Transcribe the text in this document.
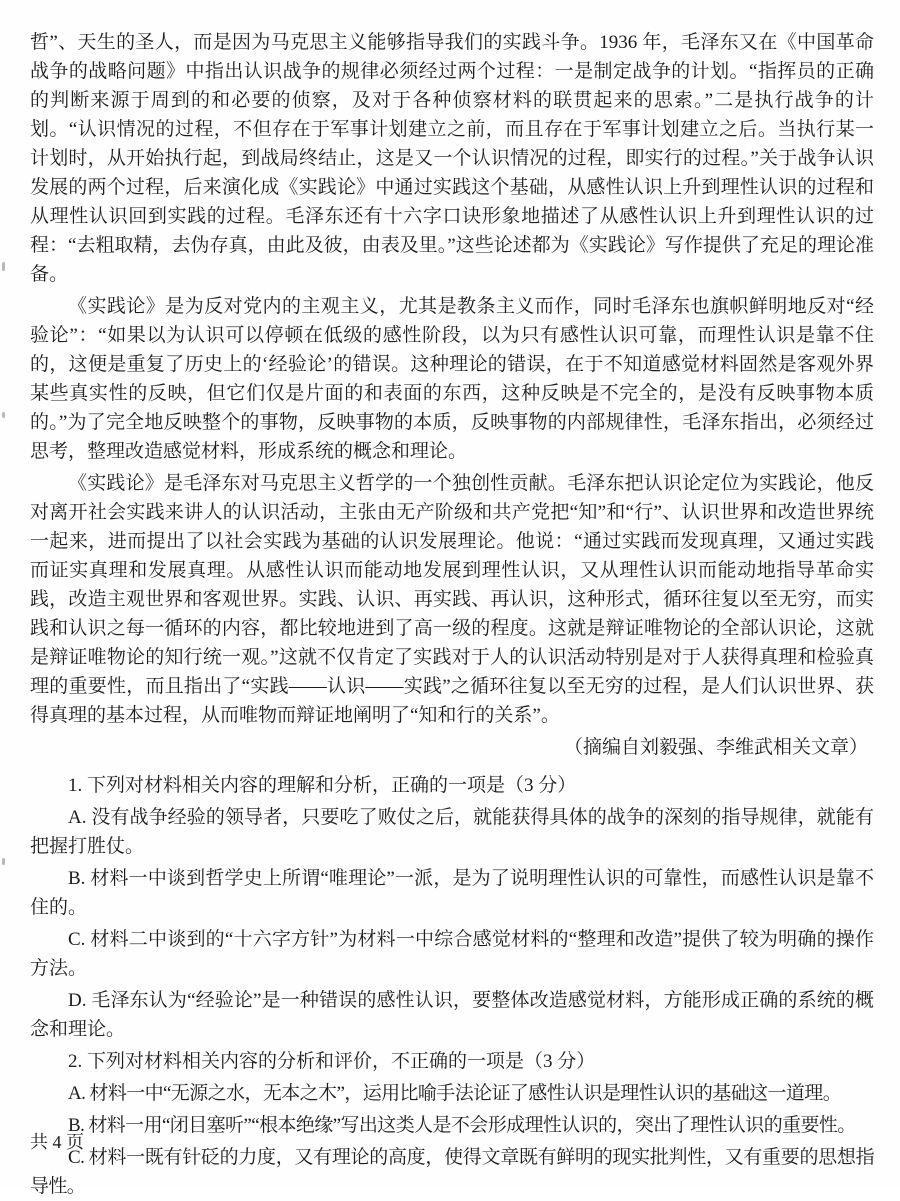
哲”、天生的圣人，而是因为马克思主义能够指导我们的实践斗争。1936 年，毛泽东又在《中国革命战争的战略问题》中指出认识战争的规律必须经过两个过程：一是制定战争的计划。“指挥员的正确的判断来源于周到的和必要的侦察，及对于各种侦察材料的联贯起来的思索。”二是执行战争的计划。“认识情况的过程，不但存在于军事计划建立之前，而且存在于军事计划建立之后。当执行某一计划时，从开始执行起，到战局终结止，这是又一个认识情况的过程，即实行的过程。”关于战争认识发展的两个过程，后来演化成《实践论》中通过实践这个基础，从感性认识上升到理性认识的过程和从理性认识回到实践的过程。毛泽东还有十六字口诀形象地描述了从感性认识上升到理性认识的过程：“去粗取精，去伪存真，由此及彼，由表及里。”这些论述都为《实践论》写作提供了充足的理论准备。

《实践论》是为反对党内的主观主义，尤其是教条主义而作，同时毛泽东也旗帜鲜明地反对“经验论”：“如果以为认识可以停顿在低级的感性阶段，以为只有感性认识可靠，而理性认识是靠不住的，这便是重复了历史上的‘经验论’的错误。这种理论的错误，在于不知道感觉材料固然是客观外界某些真实性的反映，但它们仅是片面的和表面的东西，这种反映是不完全的，是没有反映事物本质的。”为了完全地反映整个的事物，反映事物的本质，反映事物的内部规律性，毛泽东指出，必须经过思考，整理改造感觉材料，形成系统的概念和理论。

《实践论》是毛泽东对马克思主义哲学的一个独创性贡献。毛泽东把认识论定位为实践论，他反对离开社会实践来讲人的认识活动，主张由无产阶级和共产党把“知”和“行”、认识世界和改造世界统一起来，进而提出了以社会实践为基础的认识发展理论。他说：“通过实践而发现真理，又通过实践而证实真理和发展真理。从感性认识而能动地发展到理性认识，又从理性认识而能动地指导革命实践，改造主观世界和客观世界。实践、认识、再实践、再认识，这种形式，循环往复以至无穷，而实践和认识之每一循环的内容，都比较地进到了高一级的程度。这就是辩证唯物论的全部认识论，这就是辩证唯物论的知行统一观。”这就不仅肯定了实践对于人的认识活动特别是对于人获得真理和检验真理的重要性，而且指出了“实践——认识——实践”之循环往复以至无穷的过程，是人们认识世界、获得真理的基本过程，从而唯物而辩证地阐明了“知和行的关系”。

（摘编自刘毅强、李维武相关文章）

1. 下列对材料相关内容的理解和分析，正确的一项是（3 分）

A. 没有战争经验的领导者，只要吃了败仗之后，就能获得具体的战争的深刻的指导规律，就能有把握打胜仗。

B. 材料一中谈到哲学史上所谓“唯理论”一派，是为了说明理性认识的可靠性，而感性认识是靠不住的。

C. 材料二中谈到的“十六字方针”为材料一中综合感觉材料的“整理和改造”提供了较为明确的操作方法。

D. 毛泽东认为“经验论”是一种错误的感性认识，要整体改造感觉材料，方能形成正确的系统的概念和理论。

2. 下列对材料相关内容的分析和评价，不正确的一项是（3 分）

A. 材料一中“无源之水，无本之木”，运用比喻手法论证了感性认识是理性认识的基础这一道理。

B. 材料一用“闭目塞听”“根本绝缘”写出这类人是不会形成理性认识的，突出了理性认识的重要性。

C. 材料一既有针砭的力度，又有理论的高度，使得文章既有鲜明的现实批判性，又有重要的思想指导性。

共 4 页
